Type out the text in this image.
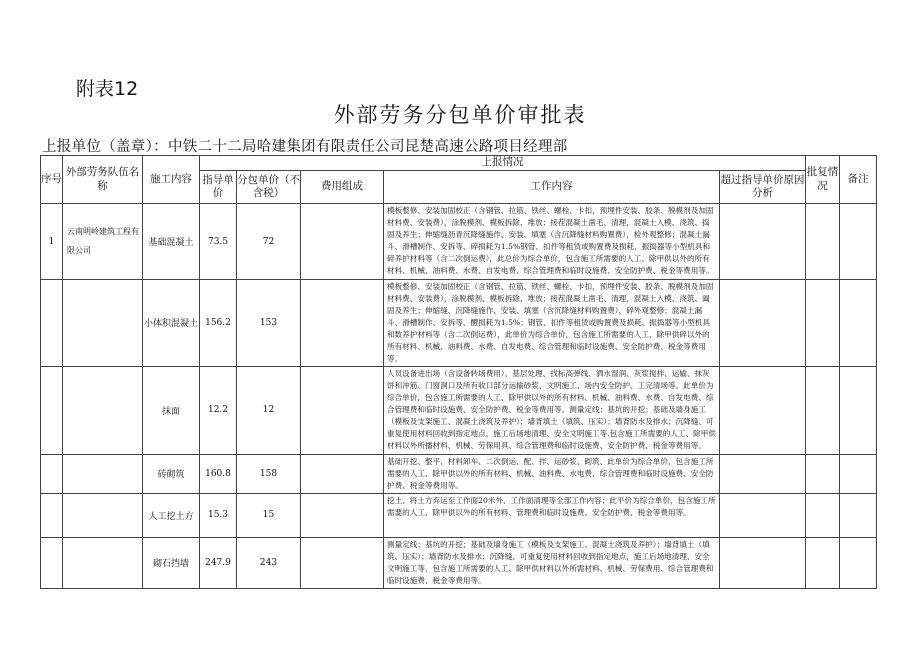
附表12
外部劳务分包单价审批表
上报单位（盖章）：中铁二十二局哈建集团有限责任公司昆楚高速公路项目经理部
序号	外部劳务队伍名称	施工内容	上报情况					批复情况	备注
			指导单价	分包单价（不含税）	费用组成	工作内容	超过指导单价原因分析		
1	云南明岭建筑工程有限公司	基础混凝土	73.5	72		模板整修、安装加固校正（含钢管、拉筋、铁丝、螺栓、卡扣，预埋件安装、胶条、脱模剂及加固材料费、安装费），涂脱模剂、模板拆除、堆放；接茬混凝土凿毛、清理，混凝土入模、浇筑、捣固及养生；伸缩缝沥青沉降缝施作、安装、填塞（含沉降缝材料购置费），检外观整修；混凝土漏斗、滑槽制作、安拆等、碎损耗为1.5%钢管、扣件等租赁或购置费及损耗，振捣器等小型机具和碎养护材料等（含二次倒运费），此总价为综合单价，包含施工所需要的人工、除甲供以外的所有材料、机械、油料费、水费、自发电费、综合管理费和临时设施费、安全防护费、税金等费用等。			
		小体积混凝土	156.2	153		模板整修、安装加固校正（含钢管、拉筋、铁丝、螺栓、卡扣，预埋件安装、胶条、脱模剂及加固材料费、安装费），涂脱模剂、模板拆除、堆放；接茬混凝土凿毛、清理，混凝土入模、浇筑、阖固及养生；伸缩缝、沉降缝施作、安装、填塞（含沉降缝材料购置费），碎外观整修；混凝土漏斗、滑槽制作、安拆等，醴损耗为1.5%；钢管、扣件等租赁或购置费及损耗，振捣器等小型机具和数养护材料等（含二次倒运费），此单价为综合单价，包含施工所需要的人工、除甲供碎以外的所有材料、机械、油料费、水费、自发电费、综合管理和临时设施费、安全防护费、税金等费用等。			
		抹面	12.2	12		人员设备进出场（含设备转场费用），基层处理、找标高弹线、洒水湿润、灰浆搅拌、运输、抹灰饼和冲筋、门窗洞口及所有收口部分运输砂浆、文明施工、场内安全防护、工完清场等。此单价为综合单价，包含施工所需要的人工、除甲供以外的所有材料、机械、油料费、水费、自发电费、综合管理费和临时设施费、安全防护费、税金等费用等。测量定线；基坑的开挖；基础及墙身施工（模板及支架施工、混凝土浇筑及养护）；墙背填土（填筑、压实）；墙背防水及排水；沉降缝、可重复使用材料回收到指定地点，施工后场地清理、安全文明施工等.包含施工所需要的人工、除甲供材料以外所播材料、机械、劳保用具、综合管理费和临时设施费、安全防护费、税金等费用等。			
		砖砌筑	160.8	158		基础开挖、整平、材料卸车、二次倒运、配、拌、运砂浆、砌筑、此单价为综合单价，包含施工所需要的人工、除甲供以外的所有材料、机械、油料费、水电费、综合管理费和临时设施费、安全防护费、税金等费用等。			
		人工挖土方	15.3	15		挖土、将土方弃运至工作面20米外、工作面清理等全部工作内容；此平价为综合单价，包含施工所需要的人工、除甲供以外的所有材料、管理费和临时设施费、安全防护费、税金等费用等。			
		砌石挡墙	247.9	243		测量定线；基坑的开挖；基础及墙身施工（模板及支架施工、混凝土浇筑及养护）；墙背填土（填筑、压实）；墙背防水及排水；沉降缝、可重复使用材料回收到指定地点，施工后场地清理、安全文明施工等，包含施工所需要的人工、除甲供材料以外所需材料、机械、劳保费用、综合管理费和临时设施费、税金等费用等。			
